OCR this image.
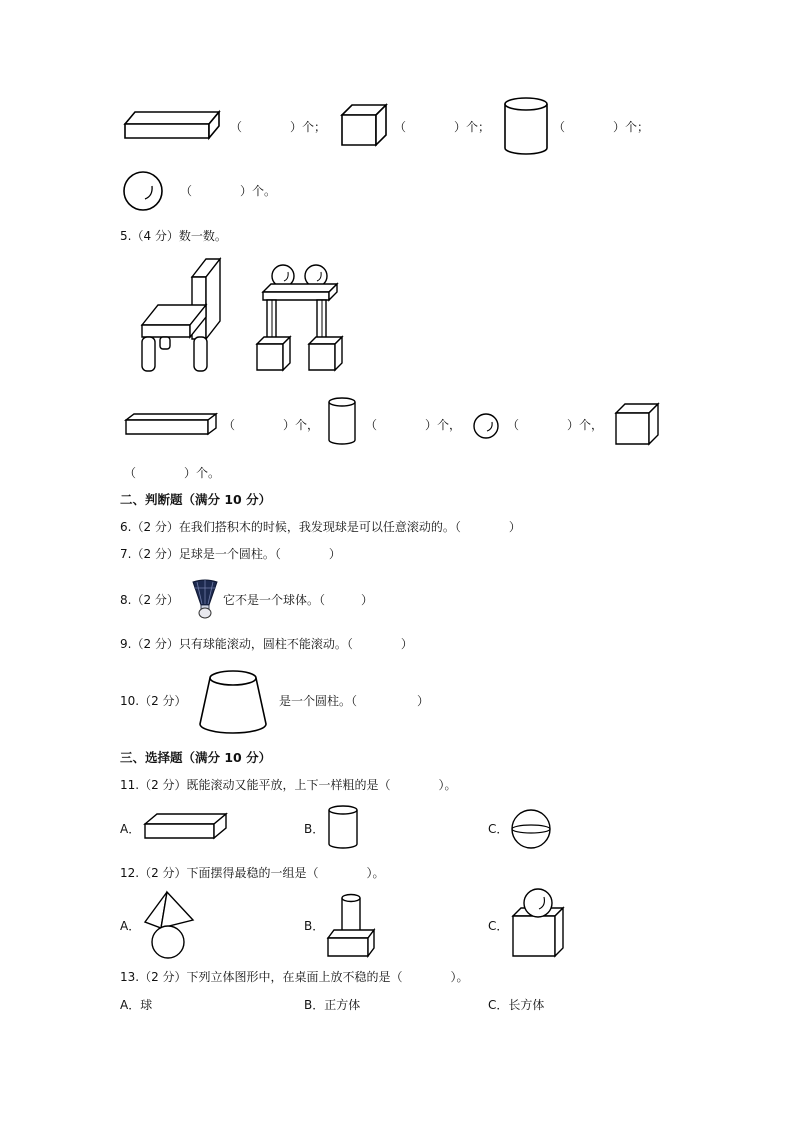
（　　　　）个；	（　　　　）个；	（　　　　）个；
（　　　　）个。
5.（4 分）数一数。
（　　　　）个，	（　　　　）个，	（　　　　）个，
（　　　　）个。
二、判断题（满分 10 分）
6.（2 分）在我们搭积木的时候，我发现球是可以任意滚动的。（　　　　）
7.（2 分）足球是一个圆柱。（　　　　）
8.（2 分）	它不是一个球体。（　　　）
9.（2 分）只有球能滚动，圆柱不能滚动。（　　　　）
10.（2 分）	是一个圆柱。（　　　　　）
三、选择题（满分 10 分）
11.（2 分）既能滚动又能平放，上下一样粗的是（　　　　）。
A．	B．	C．
12.（2 分）下面摆得最稳的一组是（　　　　）。
A．	B．	C．
13.（2 分）下列立体图形中，在桌面上放不稳的是（　　　　）。
A．球	B．正方体	C．长方体
